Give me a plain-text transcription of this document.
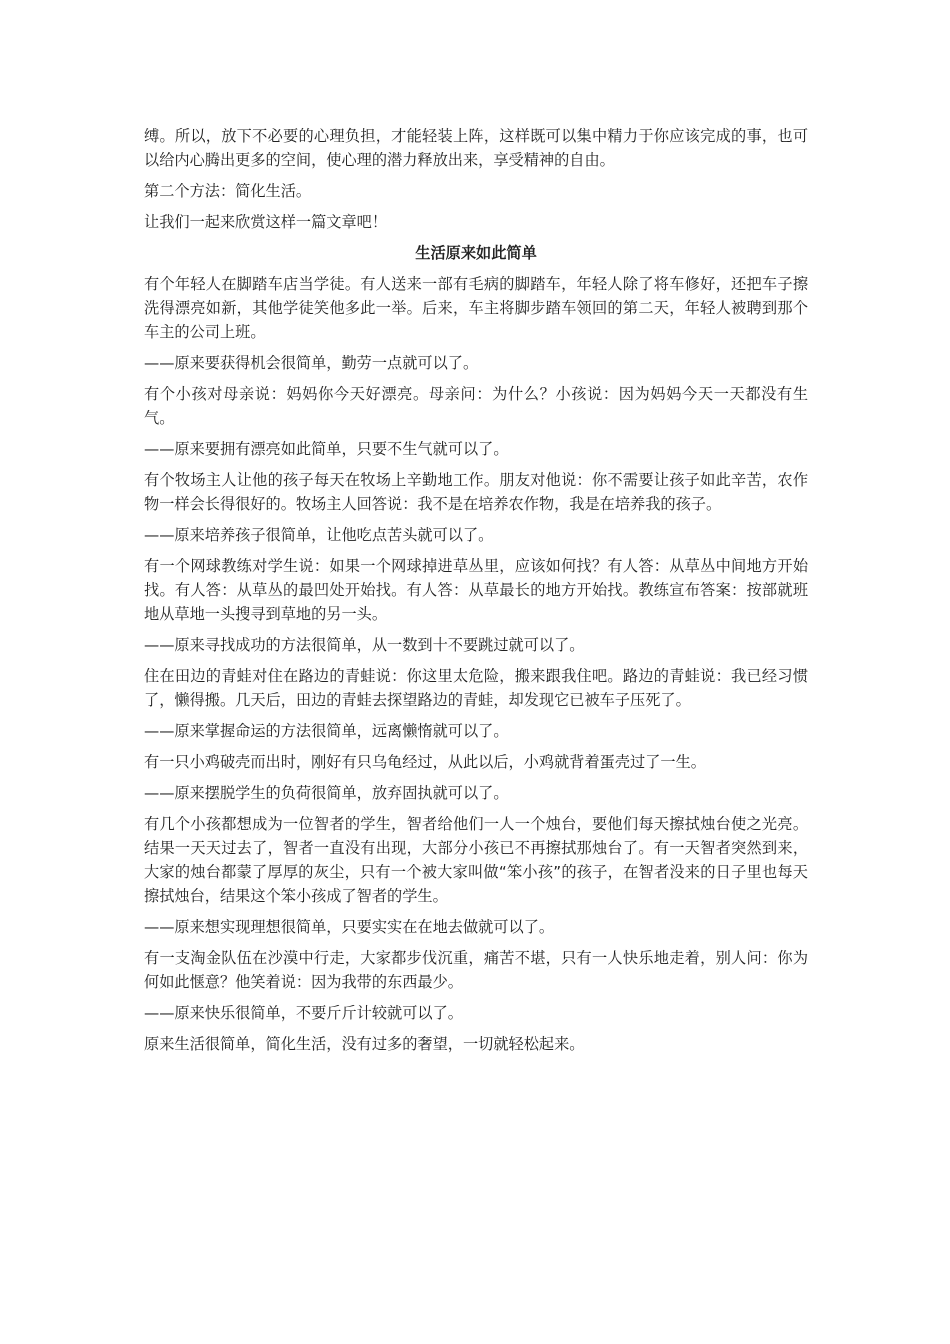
缚。所以，放下不必要的心理负担，才能轻装上阵，这样既可以集中精力于你应该完成的事，也可以给内心腾出更多的空间，使心理的潜力释放出来，享受精神的自由。

第二个方法：简化生活。

让我们一起来欣赏这样一篇文章吧！

生活原来如此简单

有个年轻人在脚踏车店当学徒。有人送来一部有毛病的脚踏车，年轻人除了将车修好，还把车子擦洗得漂亮如新，其他学徒笑他多此一举。后来，车主将脚步踏车领回的第二天，年轻人被聘到那个车主的公司上班。

——原来要获得机会很简单，勤劳一点就可以了。

有个小孩对母亲说：妈妈你今天好漂亮。母亲问：为什么？小孩说：因为妈妈今天一天都没有生气。

——原来要拥有漂亮如此简单，只要不生气就可以了。

有个牧场主人让他的孩子每天在牧场上辛勤地工作。朋友对他说：你不需要让孩子如此辛苦，农作物一样会长得很好的。牧场主人回答说：我不是在培养农作物，我是在培养我的孩子。

——原来培养孩子很简单，让他吃点苦头就可以了。

有一个网球教练对学生说：如果一个网球掉进草丛里，应该如何找？有人答：从草丛中间地方开始找。有人答：从草丛的最凹处开始找。有人答：从草最长的地方开始找。教练宣布答案：按部就班地从草地一头搜寻到草地的另一头。

——原来寻找成功的方法很简单，从一数到十不要跳过就可以了。

住在田边的青蛙对住在路边的青蛙说：你这里太危险，搬来跟我住吧。路边的青蛙说：我已经习惯了，懒得搬。几天后，田边的青蛙去探望路边的青蛙，却发现它已被车子压死了。

——原来掌握命运的方法很简单，远离懒惰就可以了。

有一只小鸡破壳而出时，刚好有只乌龟经过，从此以后，小鸡就背着蛋壳过了一生。

——原来摆脱学生的负荷很简单，放弃固执就可以了。

有几个小孩都想成为一位智者的学生，智者给他们一人一个烛台，要他们每天擦拭烛台使之光亮。结果一天天过去了，智者一直没有出现，大部分小孩已不再擦拭那烛台了。有一天智者突然到来，大家的烛台都蒙了厚厚的灰尘，只有一个被大家叫做“笨小孩”的孩子，在智者没来的日子里也每天擦拭烛台，结果这个笨小孩成了智者的学生。

——原来想实现理想很简单，只要实实在在地去做就可以了。

有一支淘金队伍在沙漠中行走，大家都步伐沉重，痛苦不堪，只有一人快乐地走着，别人问：你为何如此惬意？他笑着说：因为我带的东西最少。

——原来快乐很简单，不要斤斤计较就可以了。

原来生活很简单，简化生活，没有过多的奢望，一切就轻松起来。
